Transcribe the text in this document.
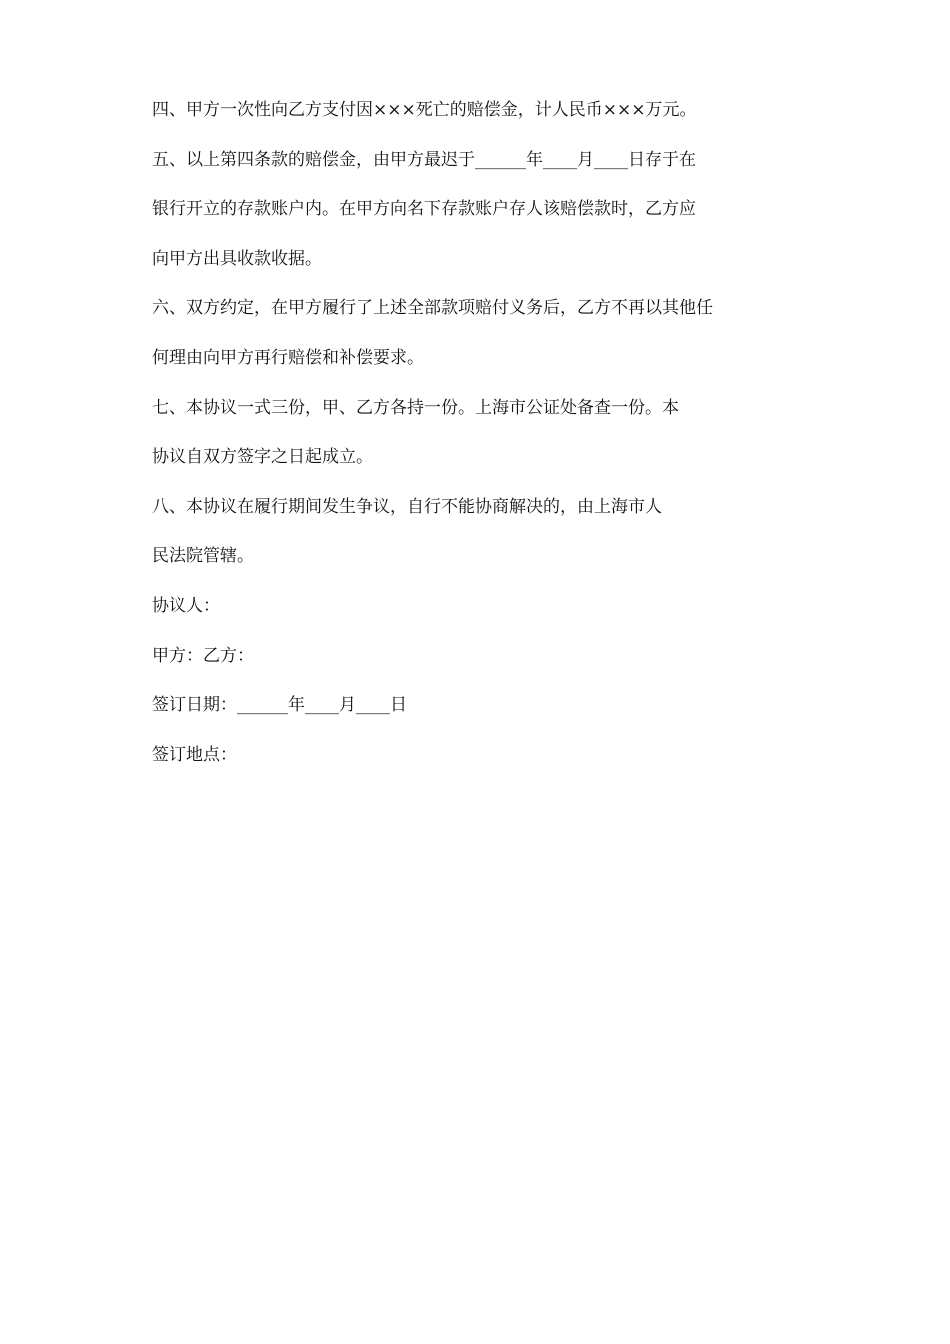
四、甲方一次性向乙方支付因×××死亡的赔偿金，计人民币×××万元。
五、以上第四条款的赔偿金，由甲方最迟于______年____月____日存于在
银行开立的存款账户内。在甲方向名下存款账户存人该赔偿款时，乙方应
向甲方出具收款收据。
六、双方约定，在甲方履行了上述全部款项赔付义务后，乙方不再以其他任
何理由向甲方再行赔偿和补偿要求。
七、本协议一式三份，甲、乙方各持一份。上海市公证处备查一份。本
协议自双方签字之日起成立。
八、本协议在履行期间发生争议，自行不能协商解决的，由上海市人
民法院管辖。
协议人：
甲方：乙方：
签订日期：______年____月____日
签订地点：
